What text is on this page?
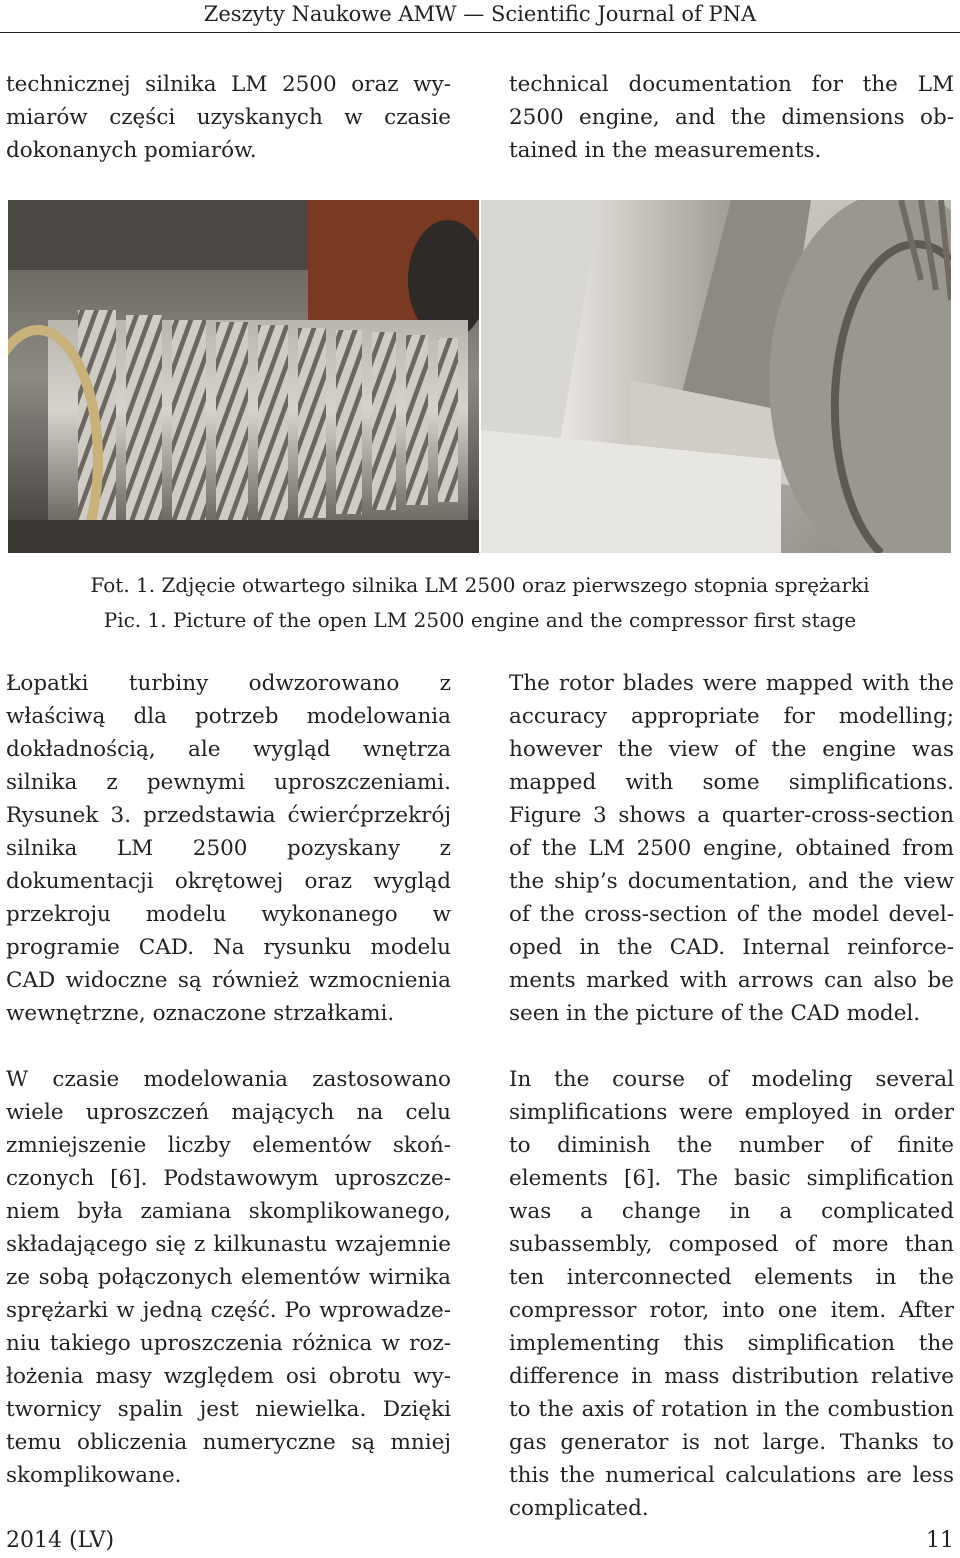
Zeszyty Naukowe AMW — Scientific Journal of PNA

technicznej silnika LM 2500 oraz wymiarów części uzyskanych w czasie dokonanych pomiarów.

technical documentation for the LM 2500 engine, and the dimensions obtained in the measurements.

Fot. 1. Zdjęcie otwartego silnika LM 2500 oraz pierwszego stopnia sprężarki
Pic. 1. Picture of the open LM 2500 engine and the compressor first stage

Łopatki turbiny odwzorowano z właściwą dla potrzeb modelowania dokładnością, ale wygląd wnętrza silnika z pewnymi uproszczeniami. Rysunek 3. przedstawia ćwierćprzekrój silnika LM 2500 pozyskany z dokumentacji okrętowej oraz wygląd przekroju modelu wykonanego w programie CAD. Na rysunku modelu CAD widoczne są również wzmocnienia wewnętrzne, oznaczone strzałkami.

W czasie modelowania zastosowano wiele uproszczeń mających na celu zmniejszenie liczby elementów skończonych [6]. Podstawowym uproszczeniem była zamiana skomplikowanego, składającego się z kilkunastu wzajemnie ze sobą połączonych elementów wirnika sprężarki w jedną część. Po wprowadzeniu takiego uproszczenia różnica w rozłożenia masy względem osi obrotu wytwornicy spalin jest niewielka. Dzięki temu obliczenia numeryczne są mniej skomplikowane.

The rotor blades were mapped with the accuracy appropriate for modelling; however the view of the engine was mapped with some simplifications. Figure 3 shows a quarter-cross-section of the LM 2500 engine, obtained from the ship’s documentation, and the view of the cross-section of the model developed in the CAD. Internal reinforcements marked with arrows can also be seen in the picture of the CAD model.

In the course of modeling several simplifications were employed in order to diminish the number of finite elements [6]. The basic simplification was a change in a complicated subassembly, composed of more than ten interconnected elements in the compressor rotor, into one item. After implementing this simplification the difference in mass distribution relative to the axis of rotation in the combustion gas generator is not large. Thanks to this the numerical calculations are less complicated.

2014 (LV)	11
